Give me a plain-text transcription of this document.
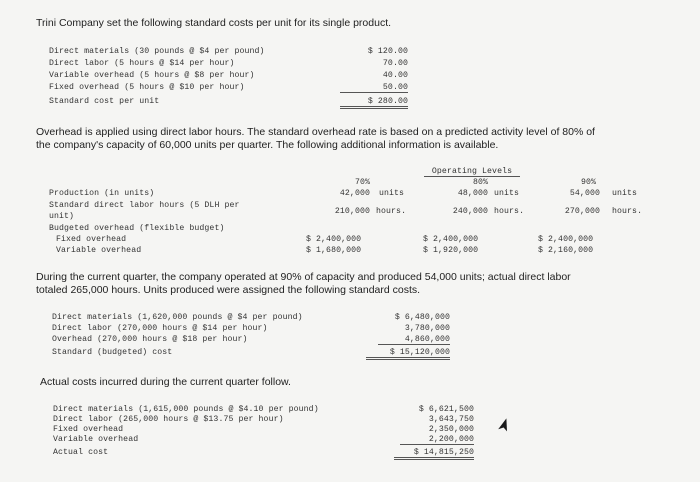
Trini Company set the following standard costs per unit for its single product.
Direct materials (30 pounds @ $4 per pound)	$ 120.00
Direct labor (5 hours @ $14 per hour)	70.00
Variable overhead (5 hours @ $8 per hour)	40.00
Fixed overhead (5 hours @ $10 per hour)	50.00
Standard cost per unit	$ 280.00
Overhead is applied using direct labor hours. The standard overhead rate is based on a predicted activity level of 80% of
the company's capacity of 60,000 units per quarter. The following additional information is available.
Operating Levels
70%	80%	90%
Production (in units)	42,000 units	48,000 units	54,000 units
Standard direct labor hours (5 DLH per
unit)
210,000 hours.	240,000 hours.	270,000 hours.
Budgeted overhead (flexible budget)
Fixed overhead	$ 2,400,000	$ 2,400,000	$ 2,400,000
Variable overhead	$ 1,680,000	$ 1,920,000	$ 2,160,000
During the current quarter, the company operated at 90% of capacity and produced 54,000 units; actual direct labor
totaled 265,000 hours. Units produced were assigned the following standard costs.
Direct materials (1,620,000 pounds @ $4 per pound)	$ 6,480,000
Direct labor (270,000 hours @ $14 per hour)	3,780,000
Overhead (270,000 hours @ $18 per hour)	4,860,000
Standard (budgeted) cost	$ 15,120,000
Actual costs incurred during the current quarter follow.
Direct materials (1,615,000 pounds @ $4.10 per pound)	$ 6,621,500
Direct labor (265,000 hours @ $13.75 per hour)	3,643,750
Fixed overhead	2,350,000
Variable overhead	2,200,000
Actual cost	$ 14,815,250
